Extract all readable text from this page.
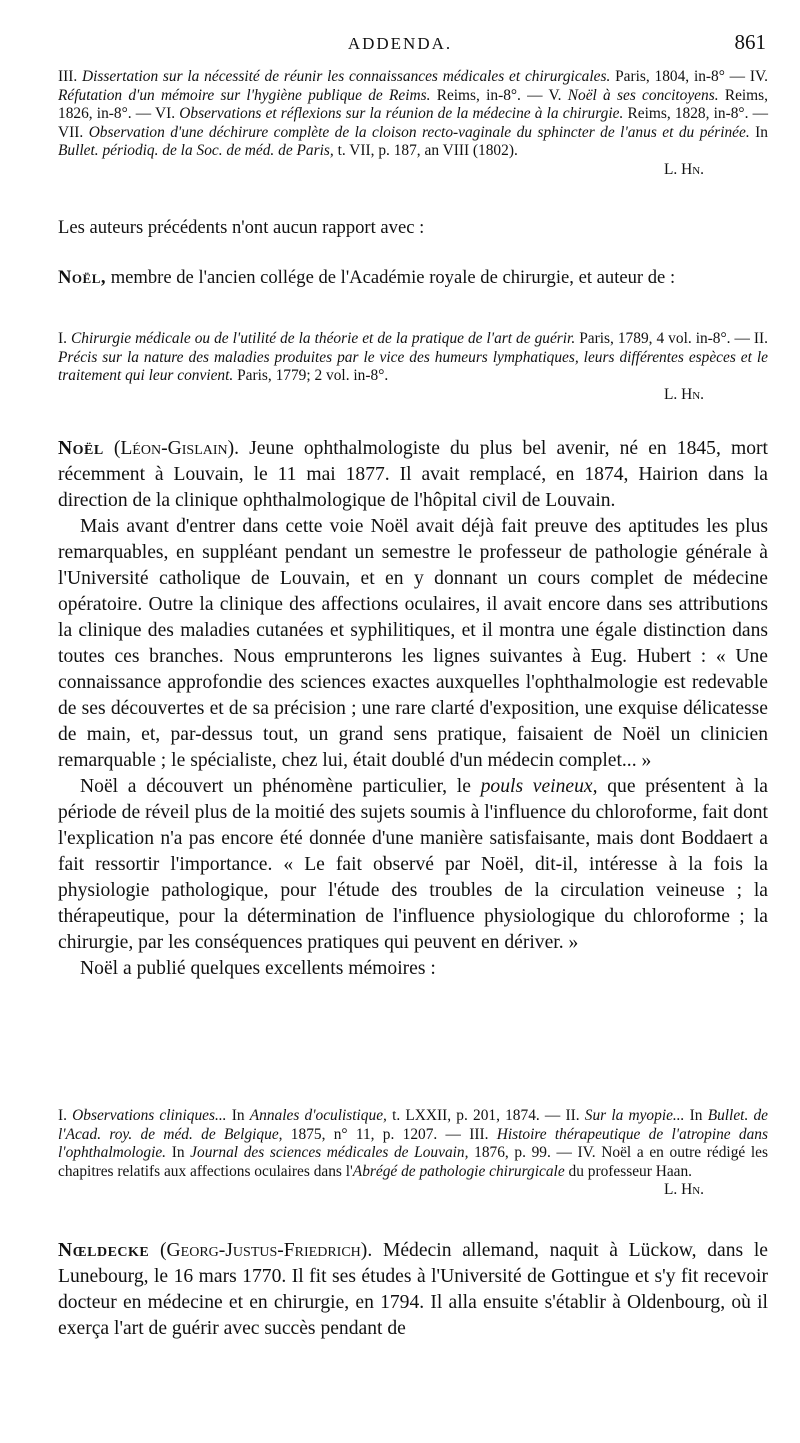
ADDENDA.	861

III. Dissertation sur la nécessité de réunir les connaissances médicales et chirurgicales. Paris, 1804, in-8° — IV. Réfutation d'un mémoire sur l'hygiène publique de Reims. Reims, in-8°. — V. Noël à ses concitoyens. Reims, 1826, in-8°. — VI. Observations et réflexions sur la réunion de la médecine à la chirurgie. Reims, 1828, in-8°. — VII. Observation d'une déchirure complète de la cloison recto-vaginale du sphincter de l'anus et du périnée. In Bullet. périodiq. de la Soc. de méd. de Paris, t. VII, p. 187, an VIII (1802).
L. Hn.

Les auteurs précédents n'ont aucun rapport avec :

Noël, membre de l'ancien collége de l'Académie royale de chirurgie, et auteur de :

I. Chirurgie médicale ou de l'utilité de la théorie et de la pratique de l'art de guérir. Paris, 1789, 4 vol. in-8°. — II. Précis sur la nature des maladies produites par le vice des humeurs lymphatiques, leurs différentes espèces et le traitement qui leur convient. Paris, 1779; 2 vol. in-8°.
L. Hn.

Noël (Léon-Gislain). Jeune ophthalmologiste du plus bel avenir, né en 1845, mort récemment à Louvain, le 11 mai 1877. Il avait remplacé, en 1874, Hairion dans la direction de la clinique ophthalmologique de l'hôpital civil de Louvain.
Mais avant d'entrer dans cette voie Noël avait déjà fait preuve des aptitudes les plus remarquables, en suppléant pendant un semestre le professeur de pathologie générale à l'Université catholique de Louvain, et en y donnant un cours complet de médecine opératoire. Outre la clinique des affections oculaires, il avait encore dans ses attributions la clinique des maladies cutanées et syphilitiques, et il montra une égale distinction dans toutes ces branches. Nous emprunterons les lignes suivantes à Eug. Hubert : « Une connaissance approfondie des sciences exactes auxquelles l'ophthalmologie est redevable de ses découvertes et de sa précision ; une rare clarté d'exposition, une exquise délicatesse de main, et, par-dessus tout, un grand sens pratique, faisaient de Noël un clinicien remarquable ; le spécialiste, chez lui, était doublé d'un médecin complet... »
Noël a découvert un phénomène particulier, le pouls veineux, que présentent à la période de réveil plus de la moitié des sujets soumis à l'influence du chloroforme, fait dont l'explication n'a pas encore été donnée d'une manière satisfaisante, mais dont Boddaert a fait ressortir l'importance. « Le fait observé par Noël, dit-il, intéresse à la fois la physiologie pathologique, pour l'étude des troubles de la circulation veineuse ; la thérapeutique, pour la détermination de l'influence physiologique du chloroforme ; la chirurgie, par les conséquences pratiques qui peuvent en dériver. »
Noël a publié quelques excellents mémoires :

I. Observations cliniques... In Annales d'oculistique, t. LXXII, p. 201, 1874. — II. Sur la myopie... In Bullet. de l'Acad. roy. de méd. de Belgique, 1875, n° 11, p. 1207. — III. Histoire thérapeutique de l'atropine dans l'ophthalmologie. In Journal des sciences médicales de Louvain, 1876, p. 99. — IV. Noël a en outre rédigé les chapitres relatifs aux affections oculaires dans l'Abrégé de pathologie chirurgicale du professeur Haan.
L. Hn.

Nœldecke (Georg-Justus-Friedrich). Médecin allemand, naquit à Lückow, dans le Lunebourg, le 16 mars 1770. Il fit ses études à l'Université de Gottingue et s'y fit recevoir docteur en médecine et en chirurgie, en 1794. Il alla ensuite s'établir à Oldenbourg, où il exerça l'art de guérir avec succès pendant de
